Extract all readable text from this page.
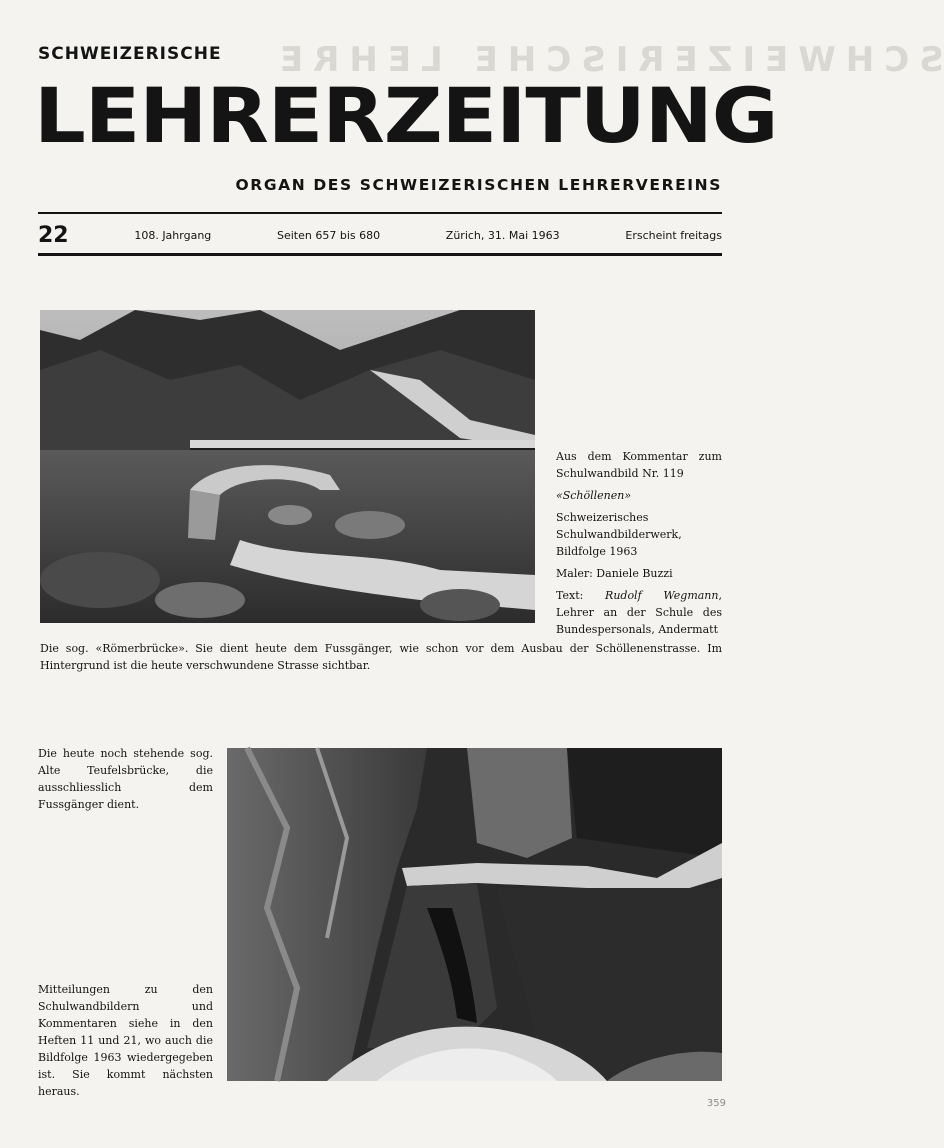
SCHWEIZERISCHE LEHRE
SCHWEIZERISCHE
LEHRERZEITUNG
ORGAN DES SCHWEIZERISCHEN LEHRERVEREINS
22	108. Jahrgang	Seiten 657 bis 680	Zürich, 31. Mai 1963	Erscheint freitags

Aus dem Kommentar zum Schulwandbild Nr. 119

«Schöllenen»

Schweizerisches Schulwandbilderwerk, Bildfolge 1963

Maler: Daniele Buzzi

Text: Rudolf Wegmann, Lehrer an der Schule des Bundespersonals, Andermatt

Die sog. «Römerbrücke». Sie dient heute dem Fussgänger, wie schon vor dem Ausbau der Schöllenenstrasse. Im Hintergrund ist die heute verschwundene Strasse sichtbar.
Die heute noch stehende sog. Alte Teufelsbrücke, die ausschliesslich dem Fussgänger dient.
Mitteilungen zu den Schulwandbildern und Kommentaren siehe in den Heften 11 und 21, wo auch die Bildfolge 1963 wiedergegeben ist. Sie kommt nächsten heraus.
359
